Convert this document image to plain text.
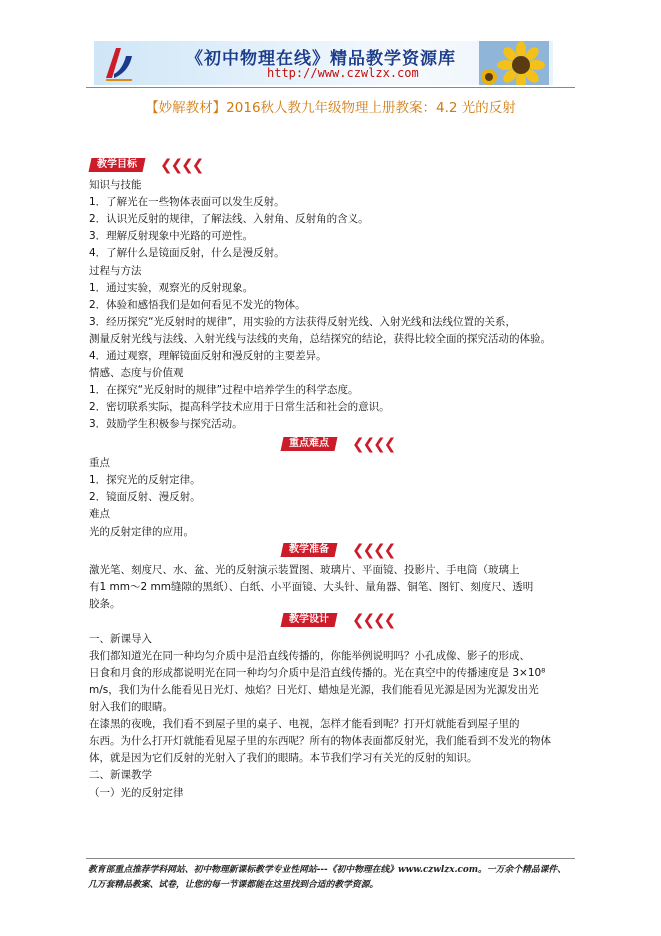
《初中物理在线》精品教学资源库
http://www.czwlzx.com
【妙解教材】2016秋人教九年级物理上册教案：4.2 光的反射
教学目标	❮❮❮❮
知识与技能
1．了解光在一些物体表面可以发生反射。
2．认识光反射的规律，了解法线、入射角、反射角的含义。
3．理解反射现象中光路的可逆性。
4．了解什么是镜面反射，什么是漫反射。
过程与方法
1．通过实验，观察光的反射现象。
2．体验和感悟我们是如何看见不发光的物体。
3．经历探究“光反射时的规律”，用实验的方法获得反射光线、入射光线和法线位置的关系，
测量反射光线与法线、入射光线与法线的夹角，总结探究的结论，获得比较全面的探究活动的体验。
4．通过观察，理解镜面反射和漫反射的主要差异。
情感、态度与价值观
1．在探究“光反射时的规律”过程中培养学生的科学态度。
2．密切联系实际，提高科学技术应用于日常生活和社会的意识。
3．鼓励学生积极参与探究活动。
重点难点	❮❮❮❮
重点
1．探究光的反射定律。
2．镜面反射、漫反射。
难点
光的反射定律的应用。
教学准备	❮❮❮❮
激光笔、刻度尺、水、盆、光的反射演示装置图、玻璃片、平面镜、投影片、手电筒（玻璃上
有1 mm～2 mm缝隙的黑纸）、白纸、小平面镜、大头针、量角器、铜笔、图钉、刻度尺、透明
胶条。
教学设计	❮❮❮❮
一、新课导入
我们都知道光在同一种均匀介质中是沿直线传播的，你能举例说明吗？小孔成像、影子的形成、
日食和月食的形成都说明光在同一种均匀介质中是沿直线传播的。光在真空中的传播速度是 3×10⁸
m/s，我们为什么能看见日光灯、烛焰？日光灯、蜡烛是光源，我们能看见光源是因为光源发出光
射入我们的眼睛。
在漆黑的夜晚，我们看不到屋子里的桌子、电视，怎样才能看到呢？打开灯就能看到屋子里的
东西。为什么打开灯就能看见屋子里的东西呢？所有的物体表面都反射光，我们能看到不发光的物体
体，就是因为它们反射的光射入了我们的眼睛。本节我们学习有关光的反射的知识。
二、新课教学
（一）光的反射定律
教育部重点推荐学科网站、初中物理新课标教学专业性网站---《初中物理在线》www.czwlzx.com。一万余个精品课件、
几万套精品教案、试卷，让您的每一节课都能在这里找到合适的教学资源。
